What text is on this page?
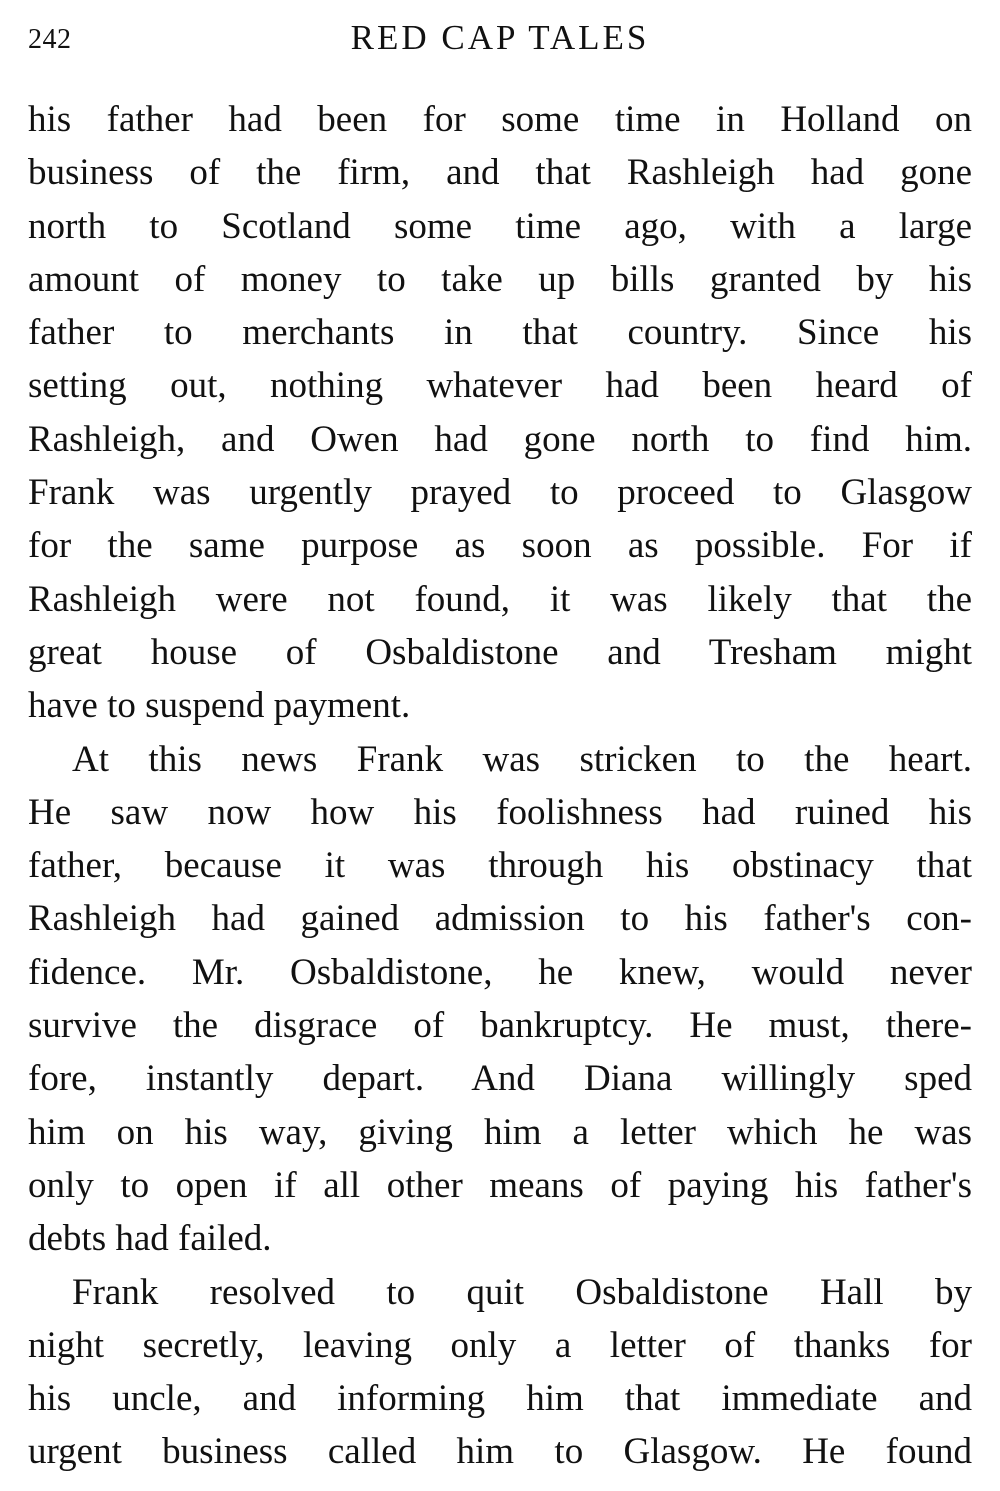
242	RED CAP TALES
his father had been for some time in Holland on
business of the firm, and that Rashleigh had gone
north to Scotland some time ago, with a large
amount of money to take up bills granted by his
father to merchants in that country. Since his
setting out, nothing whatever had been heard of
Rashleigh, and Owen had gone north to find him.
Frank was urgently prayed to proceed to Glasgow
for the same purpose as soon as possible. For if
Rashleigh were not found, it was likely that the
great house of Osbaldistone and Tresham might
have to suspend payment.
At this news Frank was stricken to the heart.
He saw now how his foolishness had ruined his
father, because it was through his obstinacy that
Rashleigh had gained admission to his father's con-
fidence. Mr. Osbaldistone, he knew, would never
survive the disgrace of bankruptcy. He must, there-
fore, instantly depart. And Diana willingly sped
him on his way, giving him a letter which he was
only to open if all other means of paying his father's
debts had failed.
Frank resolved to quit Osbaldistone Hall by
night secretly, leaving only a letter of thanks for
his uncle, and informing him that immediate and
urgent business called him to Glasgow. He found
